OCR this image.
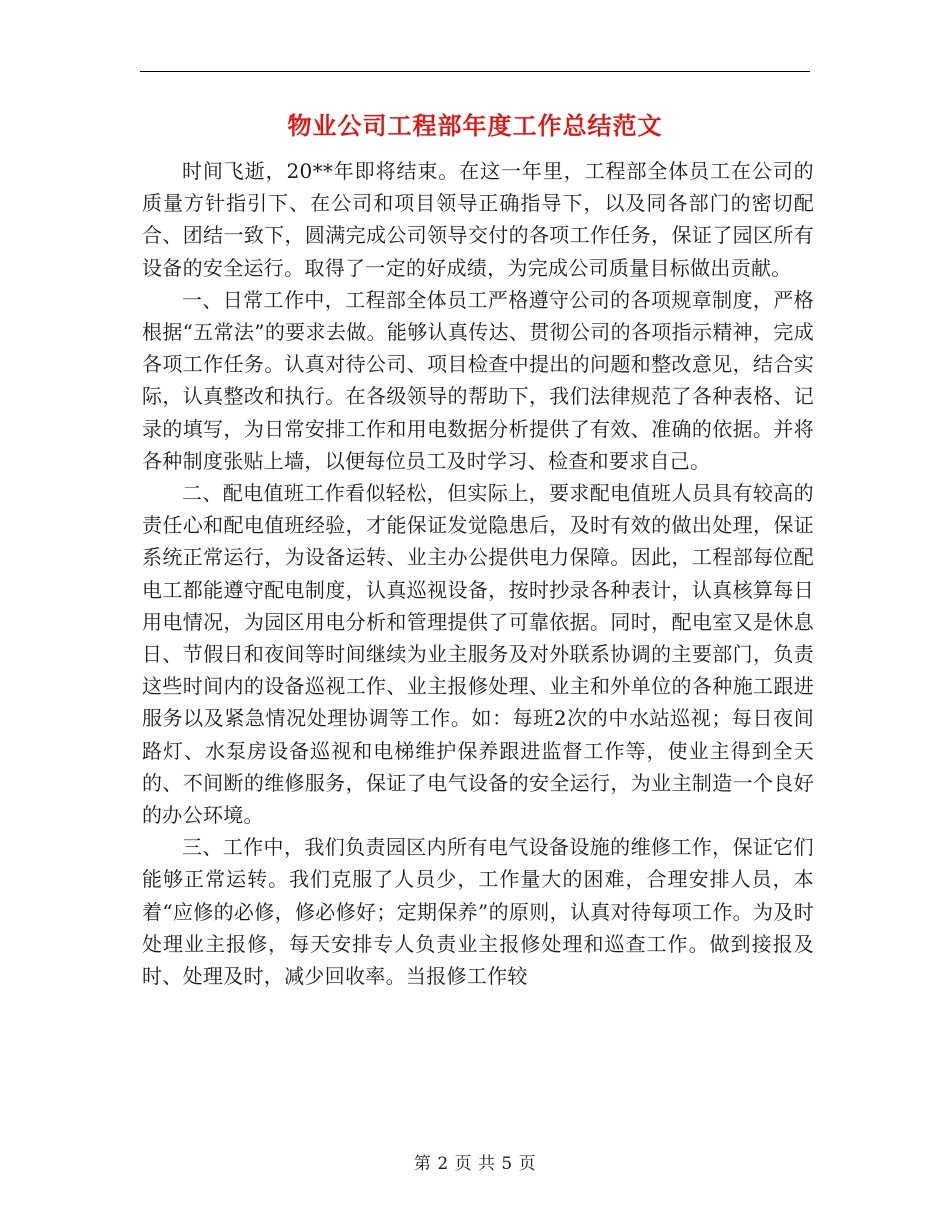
物业公司工程部年度工作总结范文

时间飞逝，20**年即将结束。在这一年里，工程部全体员工在公司的质量方针指引下、在公司和项目领导正确指导下，以及同各部门的密切配合、团结一致下，圆满完成公司领导交付的各项工作任务，保证了园区所有设备的安全运行。取得了一定的好成绩，为完成公司质量目标做出贡献。

一、日常工作中，工程部全体员工严格遵守公司的各项规章制度，严格根据“五常法”的要求去做。能够认真传达、贯彻公司的各项指示精神，完成各项工作任务。认真对待公司、项目检查中提出的问题和整改意见，结合实际，认真整改和执行。在各级领导的帮助下，我们法律规范了各种表格、记录的填写，为日常安排工作和用电数据分析提供了有效、准确的依据。并将各种制度张贴上墙，以便每位员工及时学习、检查和要求自己。

二、配电值班工作看似轻松，但实际上，要求配电值班人员具有较高的责任心和配电值班经验，才能保证发觉隐患后，及时有效的做出处理，保证系统正常运行，为设备运转、业主办公提供电力保障。因此，工程部每位配电工都能遵守配电制度，认真巡视设备，按时抄录各种表计，认真核算每日用电情况，为园区用电分析和管理提供了可靠依据。同时，配电室又是休息日、节假日和夜间等时间继续为业主服务及对外联系协调的主要部门，负责这些时间内的设备巡视工作、业主报修处理、业主和外单位的各种施工跟进服务以及紧急情况处理协调等工作。如：每班2次的中水站巡视；每日夜间路灯、水泵房设备巡视和电梯维护保养跟进监督工作等，使业主得到全天的、不间断的维修服务，保证了电气设备的安全运行，为业主制造一个良好的办公环境。

三、工作中，我们负责园区内所有电气设备设施的维修工作，保证它们能够正常运转。我们克服了人员少，工作量大的困难，合理安排人员，本着“应修的必修，修必修好；定期保养”的原则，认真对待每项工作。为及时处理业主报修，每天安排专人负责业主报修处理和巡查工作。做到接报及时、处理及时，减少回收率。当报修工作较

第 2 页 共 5 页
